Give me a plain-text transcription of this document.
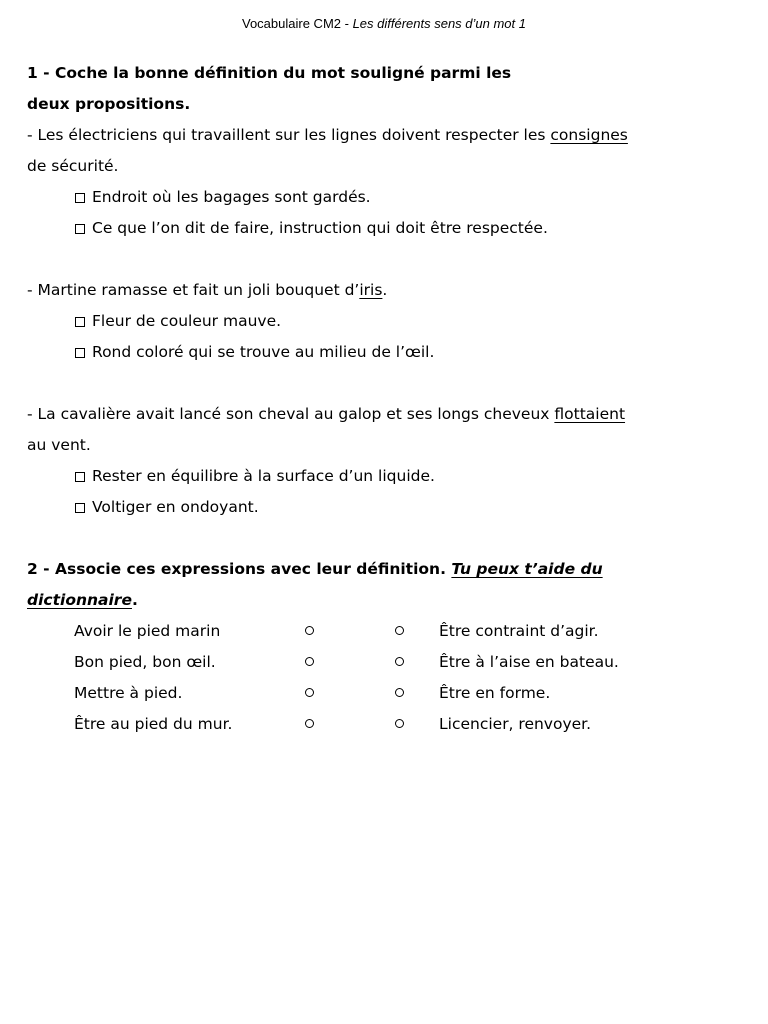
Vocabulaire CM2 - Les différents sens d’un mot 1

1 - Coche la bonne définition du mot souligné parmi les

deux propositions.

- Les électriciens qui travaillent sur les lignes doivent respecter les consignes

de sécurité.

Endroit où les bagages sont gardés.
Ce que l’on dit de faire, instruction qui doit être respectée.

- Martine ramasse et fait un joli bouquet d’iris.

Fleur de couleur mauve.
Rond coloré qui se trouve au milieu de l’œil.

- La cavalière avait lancé son cheval au galop et ses longs cheveux flottaient

au vent.

Rester en équilibre à la surface d’un liquide.
Voltiger en ondoyant.

2 - Associe ces expressions avec leur définition. Tu peux t’aide du

dictionnaire.

Avoir le pied marin	Être contraint d’agir.
Bon pied, bon œil.	Être à l’aise en bateau.
Mettre à pied.	Être en forme.
Être au pied du mur.	Licencier, renvoyer.
